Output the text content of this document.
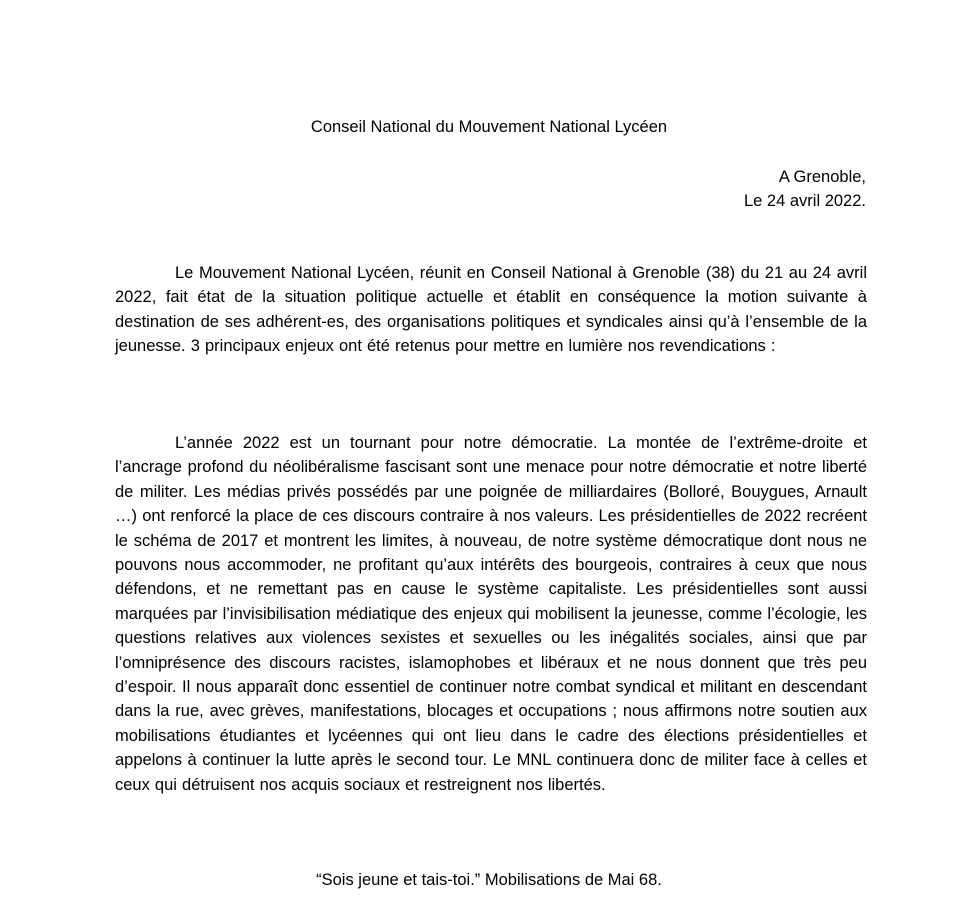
Conseil National du Mouvement National Lycéen
A Grenoble,
Le 24 avril 2022.

Le Mouvement National Lycéen, réunit en Conseil National à Grenoble (38) du 21 au 24 avril 2022, fait état de la situation politique actuelle et établit en conséquence la motion suivante à destination de ses adhérent-es, des organisations politiques et syndicales ainsi qu’à l’ensemble de la jeunesse. 3 principaux enjeux ont été retenus pour mettre en lumière nos revendications :

L’année 2022 est un tournant pour notre démocratie. La montée de l’extrême-droite et l’ancrage profond du néolibéralisme fascisant sont une menace pour notre démocratie et notre liberté de militer. Les médias privés possédés par une poignée de milliardaires (Bolloré, Bouygues, Arnault …) ont renforcé la place de ces discours contraire à nos valeurs. Les présidentielles de 2022 recréent le schéma de 2017 et montrent les limites, à nouveau, de notre système démocratique dont nous ne pouvons nous accommoder, ne profitant qu’aux intérêts des bourgeois, contraires à ceux que nous défendons, et ne remettant pas en cause le système capitaliste. Les présidentielles sont aussi marquées par l’invisibilisation médiatique des enjeux qui mobilisent la jeunesse, comme l’écologie, les questions relatives aux violences sexistes et sexuelles ou les inégalités sociales, ainsi que par l’omniprésence des discours racistes, islamophobes et libéraux et ne nous donnent que très peu d’espoir. Il nous apparaît donc essentiel de continuer notre combat syndical et militant en descendant dans la rue, avec grèves, manifestations, blocages et occupations ; nous affirmons notre soutien aux mobilisations étudiantes et lycéennes qui ont lieu dans le cadre des élections présidentielles et appelons à continuer la lutte après le second tour. Le MNL continuera donc de militer face à celles et ceux qui détruisent nos acquis sociaux et restreignent nos libertés.

“Sois jeune et tais-toi.” Mobilisations de Mai 68.
